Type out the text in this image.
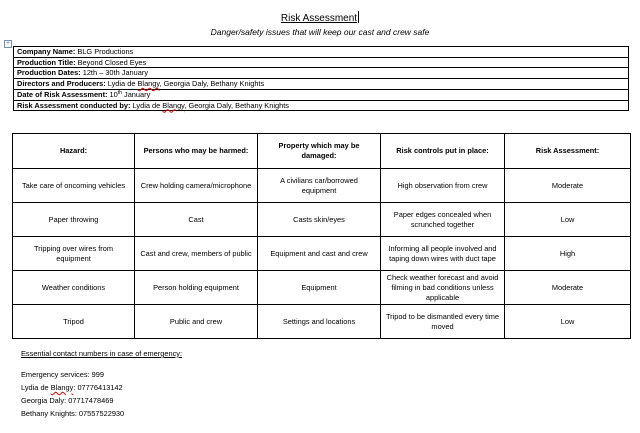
Risk Assessment
Danger/safety issues that will keep our cast and crew safe
+
Company Name: BLG Productions
Production Title: Beyond Closed Eyes
Production Dates: 12th – 30th January
Directors and Producers: Lydia de Blangy, Georgia Daly, Bethany Knights
Date of Risk Assessment: 10th January
Risk Assessment conducted by: Lydia de Blangy, Georgia Daly, Bethany Knights
Hazard:	Persons who may be harmed:	Property which may be damaged:	Risk controls put in place:	Risk Assessment:
Take care of oncoming vehicles	Crew holding camera/microphone	A civilians car/borrowed equipment	High observation from crew	Moderate
Paper throwing	Cast	Casts skin/eyes	Paper edges concealed when scrunched together	Low
Tripping over wires from equipment	Cast and crew, members of public	Equipment and cast and crew	Informing all people involved and taping down wires with duct tape	High
Weather conditions	Person holding equipment	Equipment	Check weather forecast and avoid filming in bad conditions unless applicable	Moderate
Tripod	Public and crew	Settings and locations	Tripod to be dismantled every time moved	Low
Essential contact numbers in case of emergency:
Emergency services: 999
Lydia de Blangy: 07776413142
Georgia Daly: 07717478469
Bethany Knights: 07557522930
